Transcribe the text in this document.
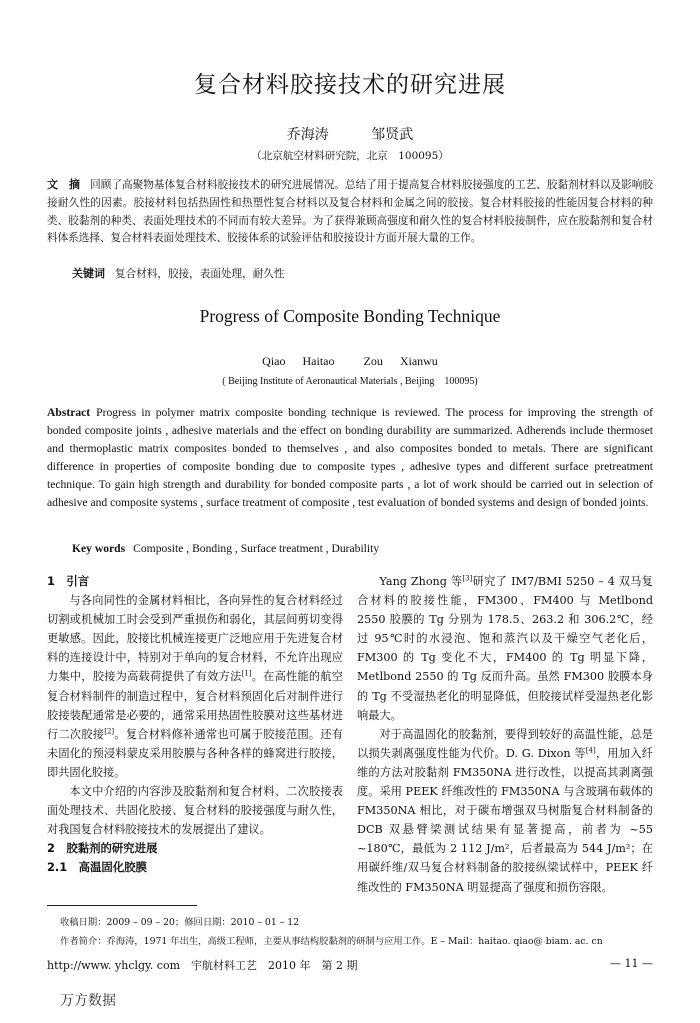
复合材料胶接技术的研究进展
乔海涛　 邹贤武
（北京航空材料研究院，北京　100095）
文　摘 回顾了高聚物基体复合材料胶接技术的研究进展情况。总结了用于提高复合材料胶接强度的工艺、胶黏剂材料以及影响胶接耐久性的因素。胶接材料包括热固性和热塑性复合材料以及复合材料和金属之间的胶接。复合材料胶接的性能因复合材料的种类、胶黏剂的种类、表面处理技术的不同而有较大差异。为了获得兼顾高强度和耐久性的复合材料胶接制件，应在胶黏剂和复合材料体系选择、复合材料表面处理技术、胶接体系的试验评估和胶接设计方面开展大量的工作。
关键词 复合材料，胶接，表面处理，耐久性
Progress of Composite Bonding Technique
Qiao Haitao　 Zou Xianwu
( Beijing Institute of Aeronautical Materials , Beijing　100095)
Abstract Progress in polymer matrix composite bonding technique is reviewed. The process for improving the strength of bonded composite joints , adhesive materials and the effect on bonding durability are summarized. Adherends include thermoset and thermoplastic matrix composites bonded to themselves , and also composites bonded to metals. There are significant difference in properties of composite bonding due to composite types , adhesive types and different surface pretreatment technique. To gain high strength and durability for bonded composite parts , a lot of work should be carried out in selection of adhesive and composite systems , surface treatment of composite , test evaluation of bonded systems and design of bonded joints.
Key words Composite , Bonding , Surface treatment , Durability

1　引言

与各向同性的金属材料相比，各向异性的复合材料经过切割或机械加工时会受到严重损伤和弱化，其层间剪切变得更敏感。因此，胶接比机械连接更广泛地应用于先进复合材料的连接设计中，特别对于单向的复合材料，不允许出现应力集中，胶接为高载荷提供了有效方法[1]。在高性能的航空复合材料制件的制造过程中，复合材料预固化后对制件进行胶接装配通常是必要的，通常采用热固性胶膜对这些基材进行二次胶接[2]。复合材料修补通常也可属于胶接范围。还有未固化的预浸料蒙皮采用胶膜与各种各样的蜂窝进行胶接，即共固化胶接。

本文中介绍的内容涉及胶黏剂和复合材料、二次胶接表面处理技术、共固化胶接、复合材料的胶接强度与耐久性，对我国复合材料胶接技术的发展提出了建议。

2　胶黏剂的研究进展

2.1　高温固化胶膜

Yang Zhong 等[3]研究了 IM7/BMI 5250 – 4 双马复合材料的胶接性能，FM300、FM400 与 Metlbond 2550 胶膜的 Tg 分别为 178.5、263.2 和 306.2℃，经过 95℃时的水浸泡、饱和蒸汽以及干燥空气老化后，FM300 的 Tg 变化不大，FM400 的 Tg 明显下降，Metlbond 2550 的 Tg 反而升高。虽然 FM300 胶膜本身的 Tg 不受湿热老化的明显降低，但胶接试样受湿热老化影响最大。

对于高温固化的胶黏剂，要得到较好的高温性能，总是以损失剥离强度性能为代价。D. G. Dixon 等[4]，用加入纤维的方法对胶黏剂 FM350NA 进行改性，以提高其剥离强度。采用 PEEK 纤维改性的 FM350NA 与含玻璃布载体的 FM350NA 相比，对于碳布增强双马树脂复合材料制备的 DCB 双悬臂梁测试结果有显著提高，前者为 ~55 ~180℃，最低为 2 112 J/m²，后者最高为 544 J/m²；在用碳纤维/双马复合材料制备的胶接纵梁试样中，PEEK 纤维改性的 FM350NA 明显提高了强度和损伤容限。

收稿日期：2009 – 09 – 20；修回日期：2010 – 01 – 12
作者简介：乔海涛，1971 年出生，高级工程师，主要从事结构胶黏剂的研制与应用工作。E – Mail：haitao. qiao@ biam. ac. cn
http://www. yhclgy. com　宇航材料工艺　2010 年　第 2 期	— 11 —
万方数据
